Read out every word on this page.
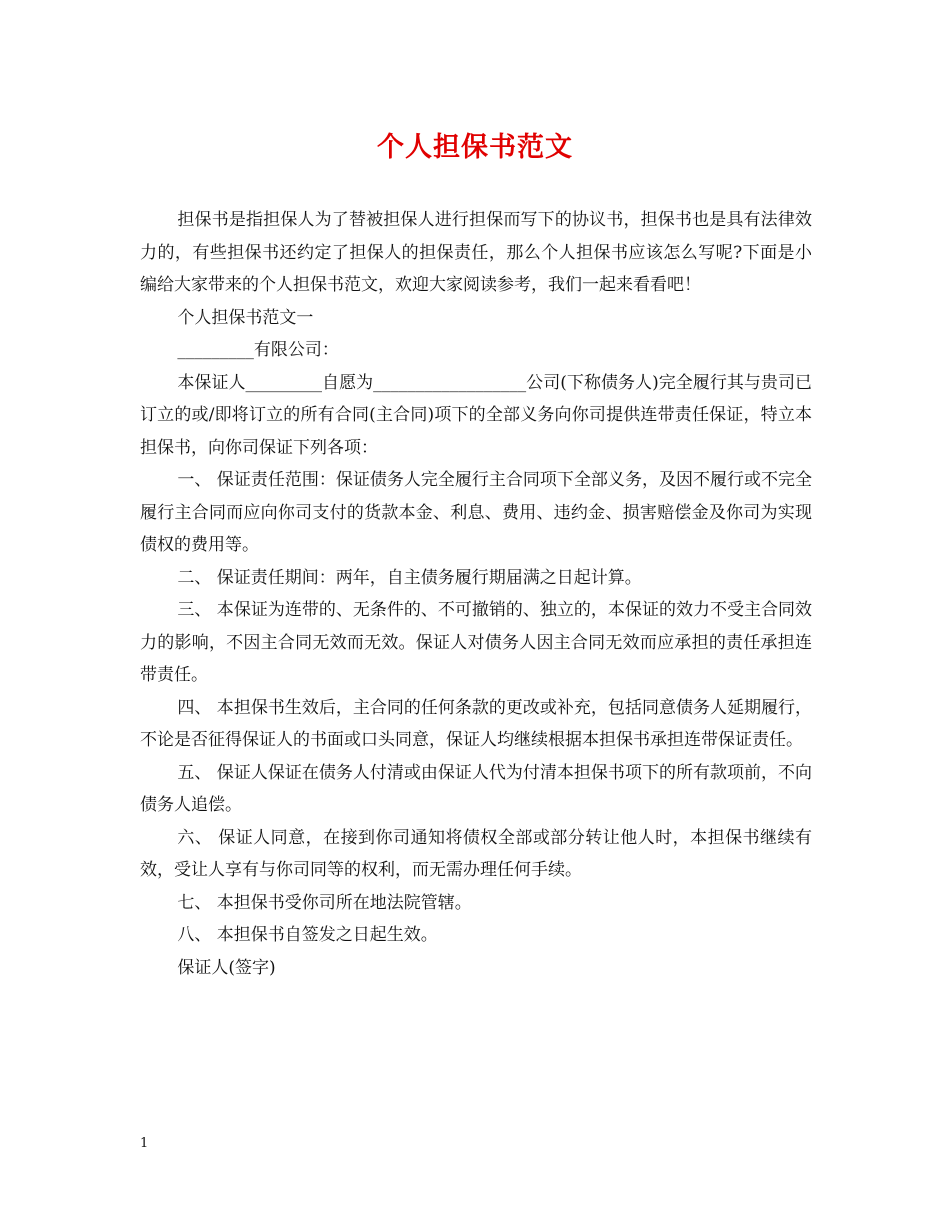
个人担保书范文

担保书是指担保人为了替被担保人进行担保而写下的协议书，担保书也是具有法律效力的，有些担保书还约定了担保人的担保责任，那么个人担保书应该怎么写呢?下面是小编给大家带来的个人担保书范文，欢迎大家阅读参考，我们一起来看看吧！

个人担保书范文一

_________有限公司：

本保证人_________自愿为__________________公司(下称债务人)完全履行其与贵司已订立的或/即将订立的所有合同(主合同)项下的全部义务向你司提供连带责任保证，特立本担保书，向你司保证下列各项：

一、 保证责任范围：保证债务人完全履行主合同项下全部义务，及因不履行或不完全履行主合同而应向你司支付的货款本金、利息、费用、违约金、损害赔偿金及你司为实现债权的费用等。

二、 保证责任期间：两年，自主债务履行期届满之日起计算。

三、 本保证为连带的、无条件的、不可撤销的、独立的，本保证的效力不受主合同效力的影响，不因主合同无效而无效。保证人对债务人因主合同无效而应承担的责任承担连带责任。

四、 本担保书生效后，主合同的任何条款的更改或补充，包括同意债务人延期履行，不论是否征得保证人的书面或口头同意，保证人均继续根据本担保书承担连带保证责任。

五、 保证人保证在债务人付清或由保证人代为付清本担保书项下的所有款项前，不向债务人追偿。

六、 保证人同意，在接到你司通知将债权全部或部分转让他人时，本担保书继续有效，受让人享有与你司同等的权利，而无需办理任何手续。

七、 本担保书受你司所在地法院管辖。

八、 本担保书自签发之日起生效。

保证人(签字)

1
